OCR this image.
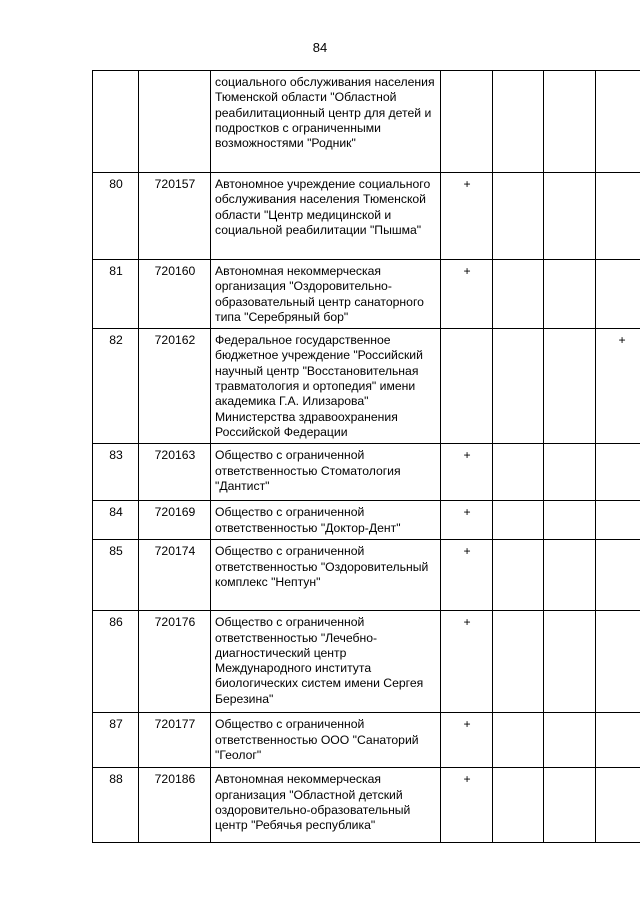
84
		социального обслуживания населения Тюменской области "Областной реабилитационный центр для детей и подростков с ограниченными возможностями "Родник"				
80	720157	Автономное учреждение социального обслуживания населения Тюменской области "Центр медицинской и социальной реабилитации "Пышма"	+			
81	720160	Автономная некоммерческая организация "Оздоровительно-образовательный центр санаторного типа "Серебряный бор"	+			
82	720162	Федеральное государственное бюджетное учреждение "Российский научный центр "Восстановительная травматология и ортопедия" имени академика Г.А. Илизарова" Министерства здравоохранения Российской Федерации				+
83	720163	Общество с ограниченной ответственностью Стоматология "Дантист"	+			
84	720169	Общество с ограниченной ответственностью "Доктор-Дент"	+			
85	720174	Общество с ограниченной ответственностью "Оздоровительный комплекс "Нептун"	+			
86	720176	Общество с ограниченной ответственностью "Лечебно-диагностический центр Международного института биологических систем имени Сергея Березина"	+			
87	720177	Общество с ограниченной ответственностью ООО "Санаторий "Геолог"	+			
88	720186	Автономная некоммерческая организация "Областной детский оздоровительно-образовательный центр "Ребячья республика"	+			
